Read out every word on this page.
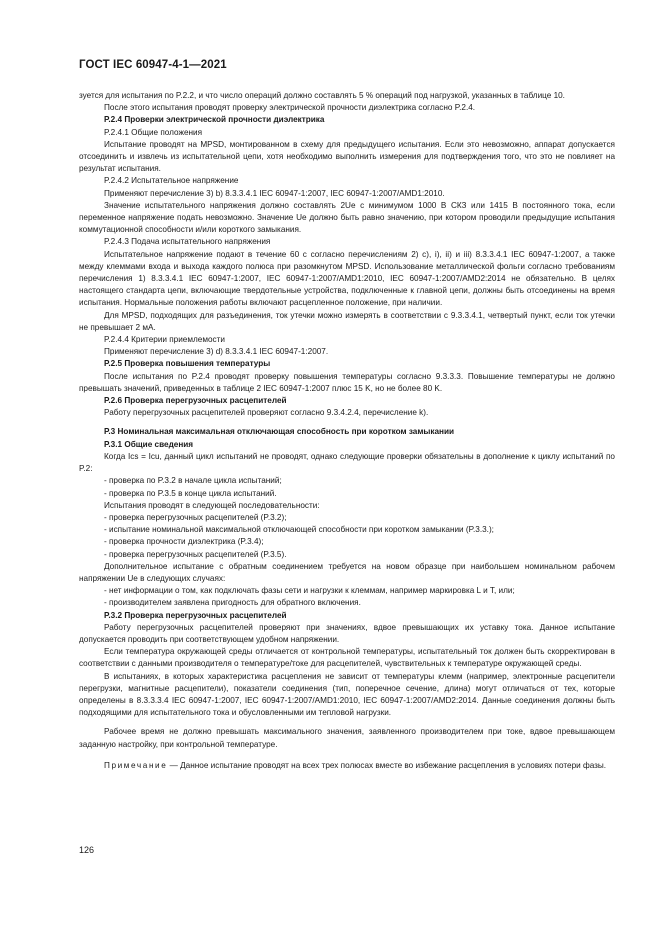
ГОСТ IEC 60947-4-1—2021

зуется для испытания по P.2.2, и что число операций должно составлять 5 % операций под нагрузкой, указанных в таблице 10.

После этого испытания проводят проверку электрической прочности диэлектрика согласно P.2.4.

P.2.4 Проверки электрической прочности диэлектрика

P.2.4.1 Общие положения

Испытание проводят на MPSD, монтированном в схему для предыдущего испытания. Если это невозможно, аппарат допускается отсоединить и извлечь из испытательной цепи, хотя необходимо выполнить измерения для подтверждения того, что это не повлияет на результат испытания.

P.2.4.2 Испытательное напряжение

Применяют перечисление 3) b) 8.3.3.4.1 IEC 60947-1:2007, IEC 60947-1:2007/AMD1:2010.

Значение испытательного напряжения должно составлять 2Ue с минимумом 1000 В СКЗ или 1415 В постоянного тока, если переменное напряжение подать невозможно. Значение Ue должно быть равно значению, при котором проводили предыдущие испытания коммутационной способности и/или короткого замыкания.

P.2.4.3 Подача испытательного напряжения

Испытательное напряжение подают в течение 60 с согласно перечислениям 2) c), i), ii) и iii) 8.3.3.4.1 IEC 60947-1:2007, а также между клеммами входа и выхода каждого полюса при разомкнутом MPSD. Использование металлической фольги согласно требованиям перечисления 1) 8.3.3.4.1 IEC 60947-1:2007, IEC 60947-1:2007/AMD1:2010, IEC 60947-1:2007/AMD2:2014 не обязательно. В целях настоящего стандарта цепи, включающие твердотельные устройства, подключенные к главной цепи, должны быть отсоединены на время испытания. Нормальные положения работы включают расцепленное положение, при наличии.

Для MPSD, подходящих для разъединения, ток утечки можно измерять в соответствии с 9.3.3.4.1, четвертый пункт, если ток утечки не превышает 2 мА.

P.2.4.4 Критерии приемлемости

Применяют перечисление 3) d) 8.3.3.4.1 IEC 60947-1:2007.

P.2.5 Проверка повышения температуры

После испытания по P.2.4 проводят проверку повышения температуры согласно 9.3.3.3. Повышение температуры не должно превышать значений, приведенных в таблице 2 IEC 60947-1:2007 плюс 15 K, но не более 80 K.

P.2.6 Проверка перегрузочных расцепителей

Работу перегрузочных расцепителей проверяют согласно 9.3.4.2.4, перечисление k).

P.3 Номинальная максимальная отключающая способность при коротком замыкании

P.3.1 Общие сведения

Когда Ics = Icu, данный цикл испытаний не проводят, однако следующие проверки обязательны в дополнение к циклу испытаний по P.2:

- проверка по P.3.2 в начале цикла испытаний;

- проверка по P.3.5 в конце цикла испытаний.

Испытания проводят в следующей последовательности:

- проверка перегрузочных расцепителей (P.3.2);

- испытание номинальной максимальной отключающей способности при коротком замыкании (P.3.3.);

- проверка прочности диэлектрика (P.3.4);

- проверка перегрузочных расцепителей (P.3.5).

Дополнительное испытание с обратным соединением требуется на новом образце при наибольшем номинальном рабочем напряжении Ue в следующих случаях:

- нет информации о том, как подключать фазы сети и нагрузки к клеммам, например маркировка L и T, или;

- производителем заявлена пригодность для обратного включения.

P.3.2 Проверка перегрузочных расцепителей

Работу перегрузочных расцепителей проверяют при значениях, вдвое превышающих их уставку тока. Данное испытание допускается проводить при соответствующем удобном напряжении.

Если температура окружающей среды отличается от контрольной температуры, испытательный ток должен быть скорректирован в соответствии с данными производителя о температуре/токе для расцепителей, чувствительных к температуре окружающей среды.

В испытаниях, в которых характеристика расцепления не зависит от температуры клемм (например, электронные расцепители перегрузки, магнитные расцепители), показатели соединения (тип, поперечное сечение, длина) могут отличаться от тех, которые определены в 8.3.3.3.4 IEC 60947-1:2007, IEC 60947-1:2007/AMD1:2010, IEC 60947-1:2007/AMD2:2014. Данные соединения должны быть подходящими для испытательного тока и обусловленными им тепловой нагрузки.

Рабочее время не должно превышать максимального значения, заявленного производителем при токе, вдвое превышающем заданную настройку, при контрольной температуре.

Примечание — Данное испытание проводят на всех трех полюсах вместе во избежание расцепления в условиях потери фазы.

126
